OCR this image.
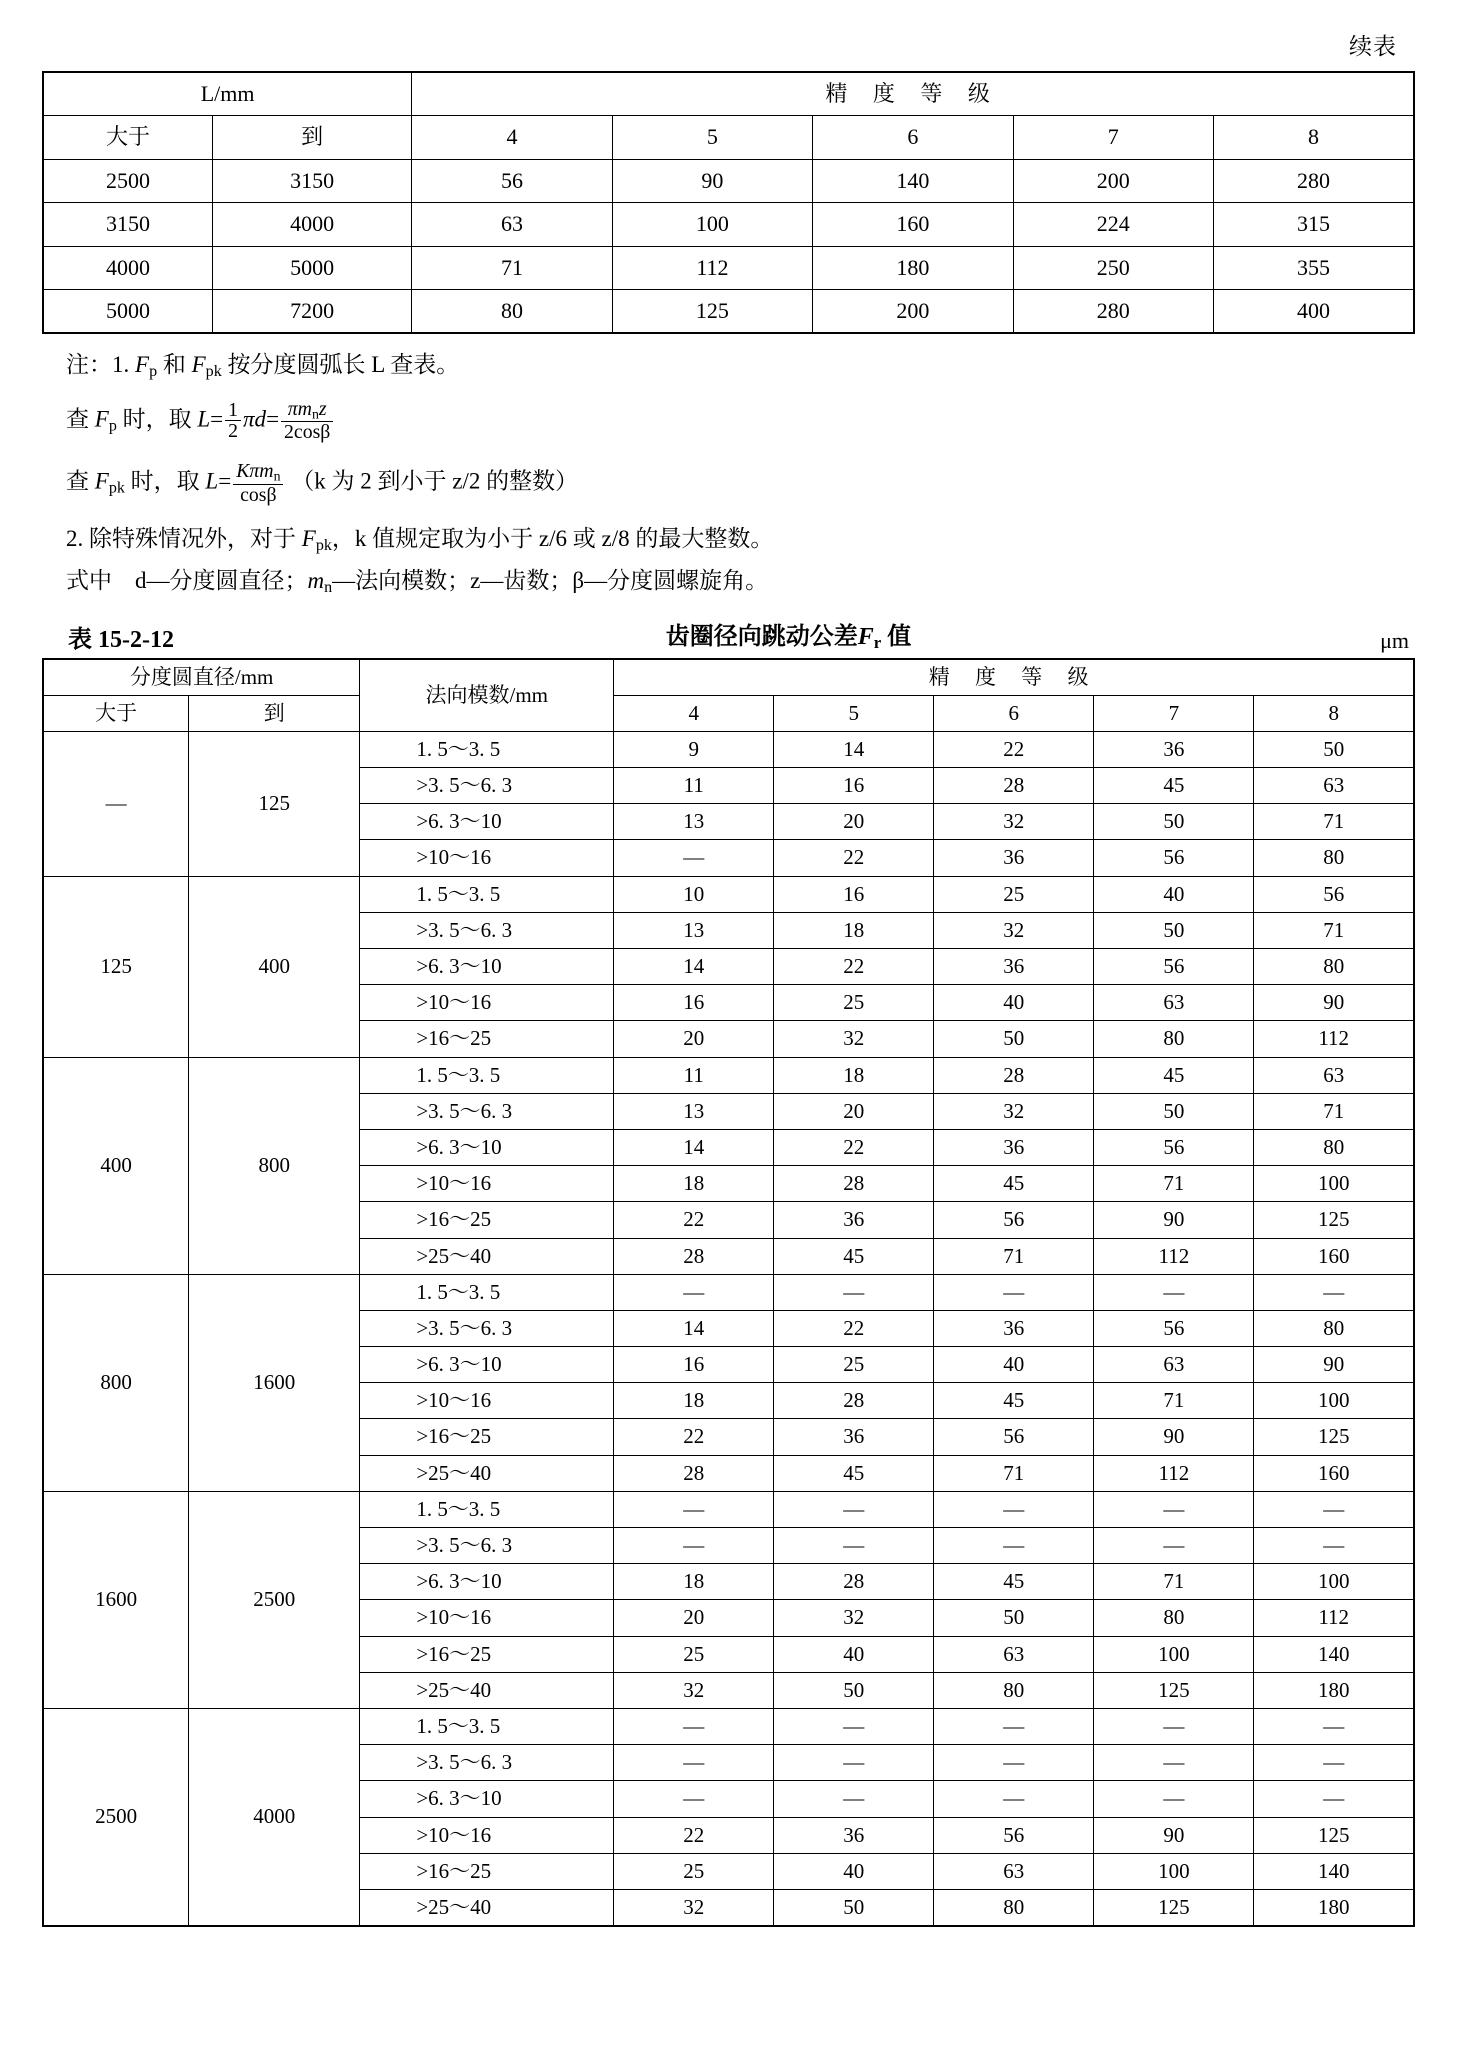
续表
L/mm		精 度 等 级				
大于	到	4	5	6	7	8
2500	3150	56	90	140	200	280
3150	4000	63	100	160	224	315
4000	5000	71	112	180	250	355
5000	7200	80	125	200	280	400

注：1. $F_p$ 和 $F_{pk}$ 按分度圆弧长 L 查表。

查 $F_p$ 时，取 $L= \frac{1}{2} \pi d= \frac{\pi m_nz}{2\cos\beta}$

查 $F_{pk}$ 时，取 $L= \frac{K\pi m_n}{\cos\beta} (k$ 为 2 到小于 z/2 的整数）

2. 除特殊情况外，对于 $F_{pk}$，k 值规定取为小于 z/6 或 z/8 的最大整数。

式中　d—分度圆直径；$m_n—$法向模数；z—齿数；β—分度圆螺旋角。

表 15-2-12	齿圈径向跳动公差$F_r$ 值	μm
分度圆直径/mm		法向模数/mm	精 度 等 级				
大于	到		4	5	6	7	8
—	125	1. 5～3. 5	9	14	22	36	50
		>3. 5～6. 3	11	16	28	45	63
		>6. 3～10	13	20	32	50	71
		>10～16	—	22	36	56	80
125	400	1. 5～3. 5	10	16	25	40	56
		>3. 5～6. 3	13	18	32	50	71
		>6. 3～10	14	22	36	56	80
		>10～16	16	25	40	63	90
		>16～25	20	32	50	80	112
400	800	1. 5～3. 5	11	18	28	45	63
		>3. 5～6. 3	13	20	32	50	71
		>6. 3～10	14	22	36	56	80
		>10～16	18	28	45	71	100
		>16～25	22	36	56	90	125
		>25～40	28	45	71	112	160
800	1600	1. 5～3. 5	—	—	—	—	—
		>3. 5～6. 3	14	22	36	56	80
		>6. 3～10	16	25	40	63	90
		>10～16	18	28	45	71	100
		>16～25	22	36	56	90	125
		>25～40	28	45	71	112	160
1600	2500	1. 5～3. 5	—	—	—	—	—
		>3. 5～6. 3	—	—	—	—	—
		>6. 3～10	18	28	45	71	100
		>10～16	20	32	50	80	112
		>16～25	25	40	63	100	140
		>25～40	32	50	80	125	180
2500	4000	1. 5～3. 5	—	—	—	—	—
		>3. 5～6. 3	—	—	—	—	—
		>6. 3～10	—	—	—	—	—
		>10～16	22	36	56	90	125
		>16～25	25	40	63	100	140
		>25～40	32	50	80	125	180
